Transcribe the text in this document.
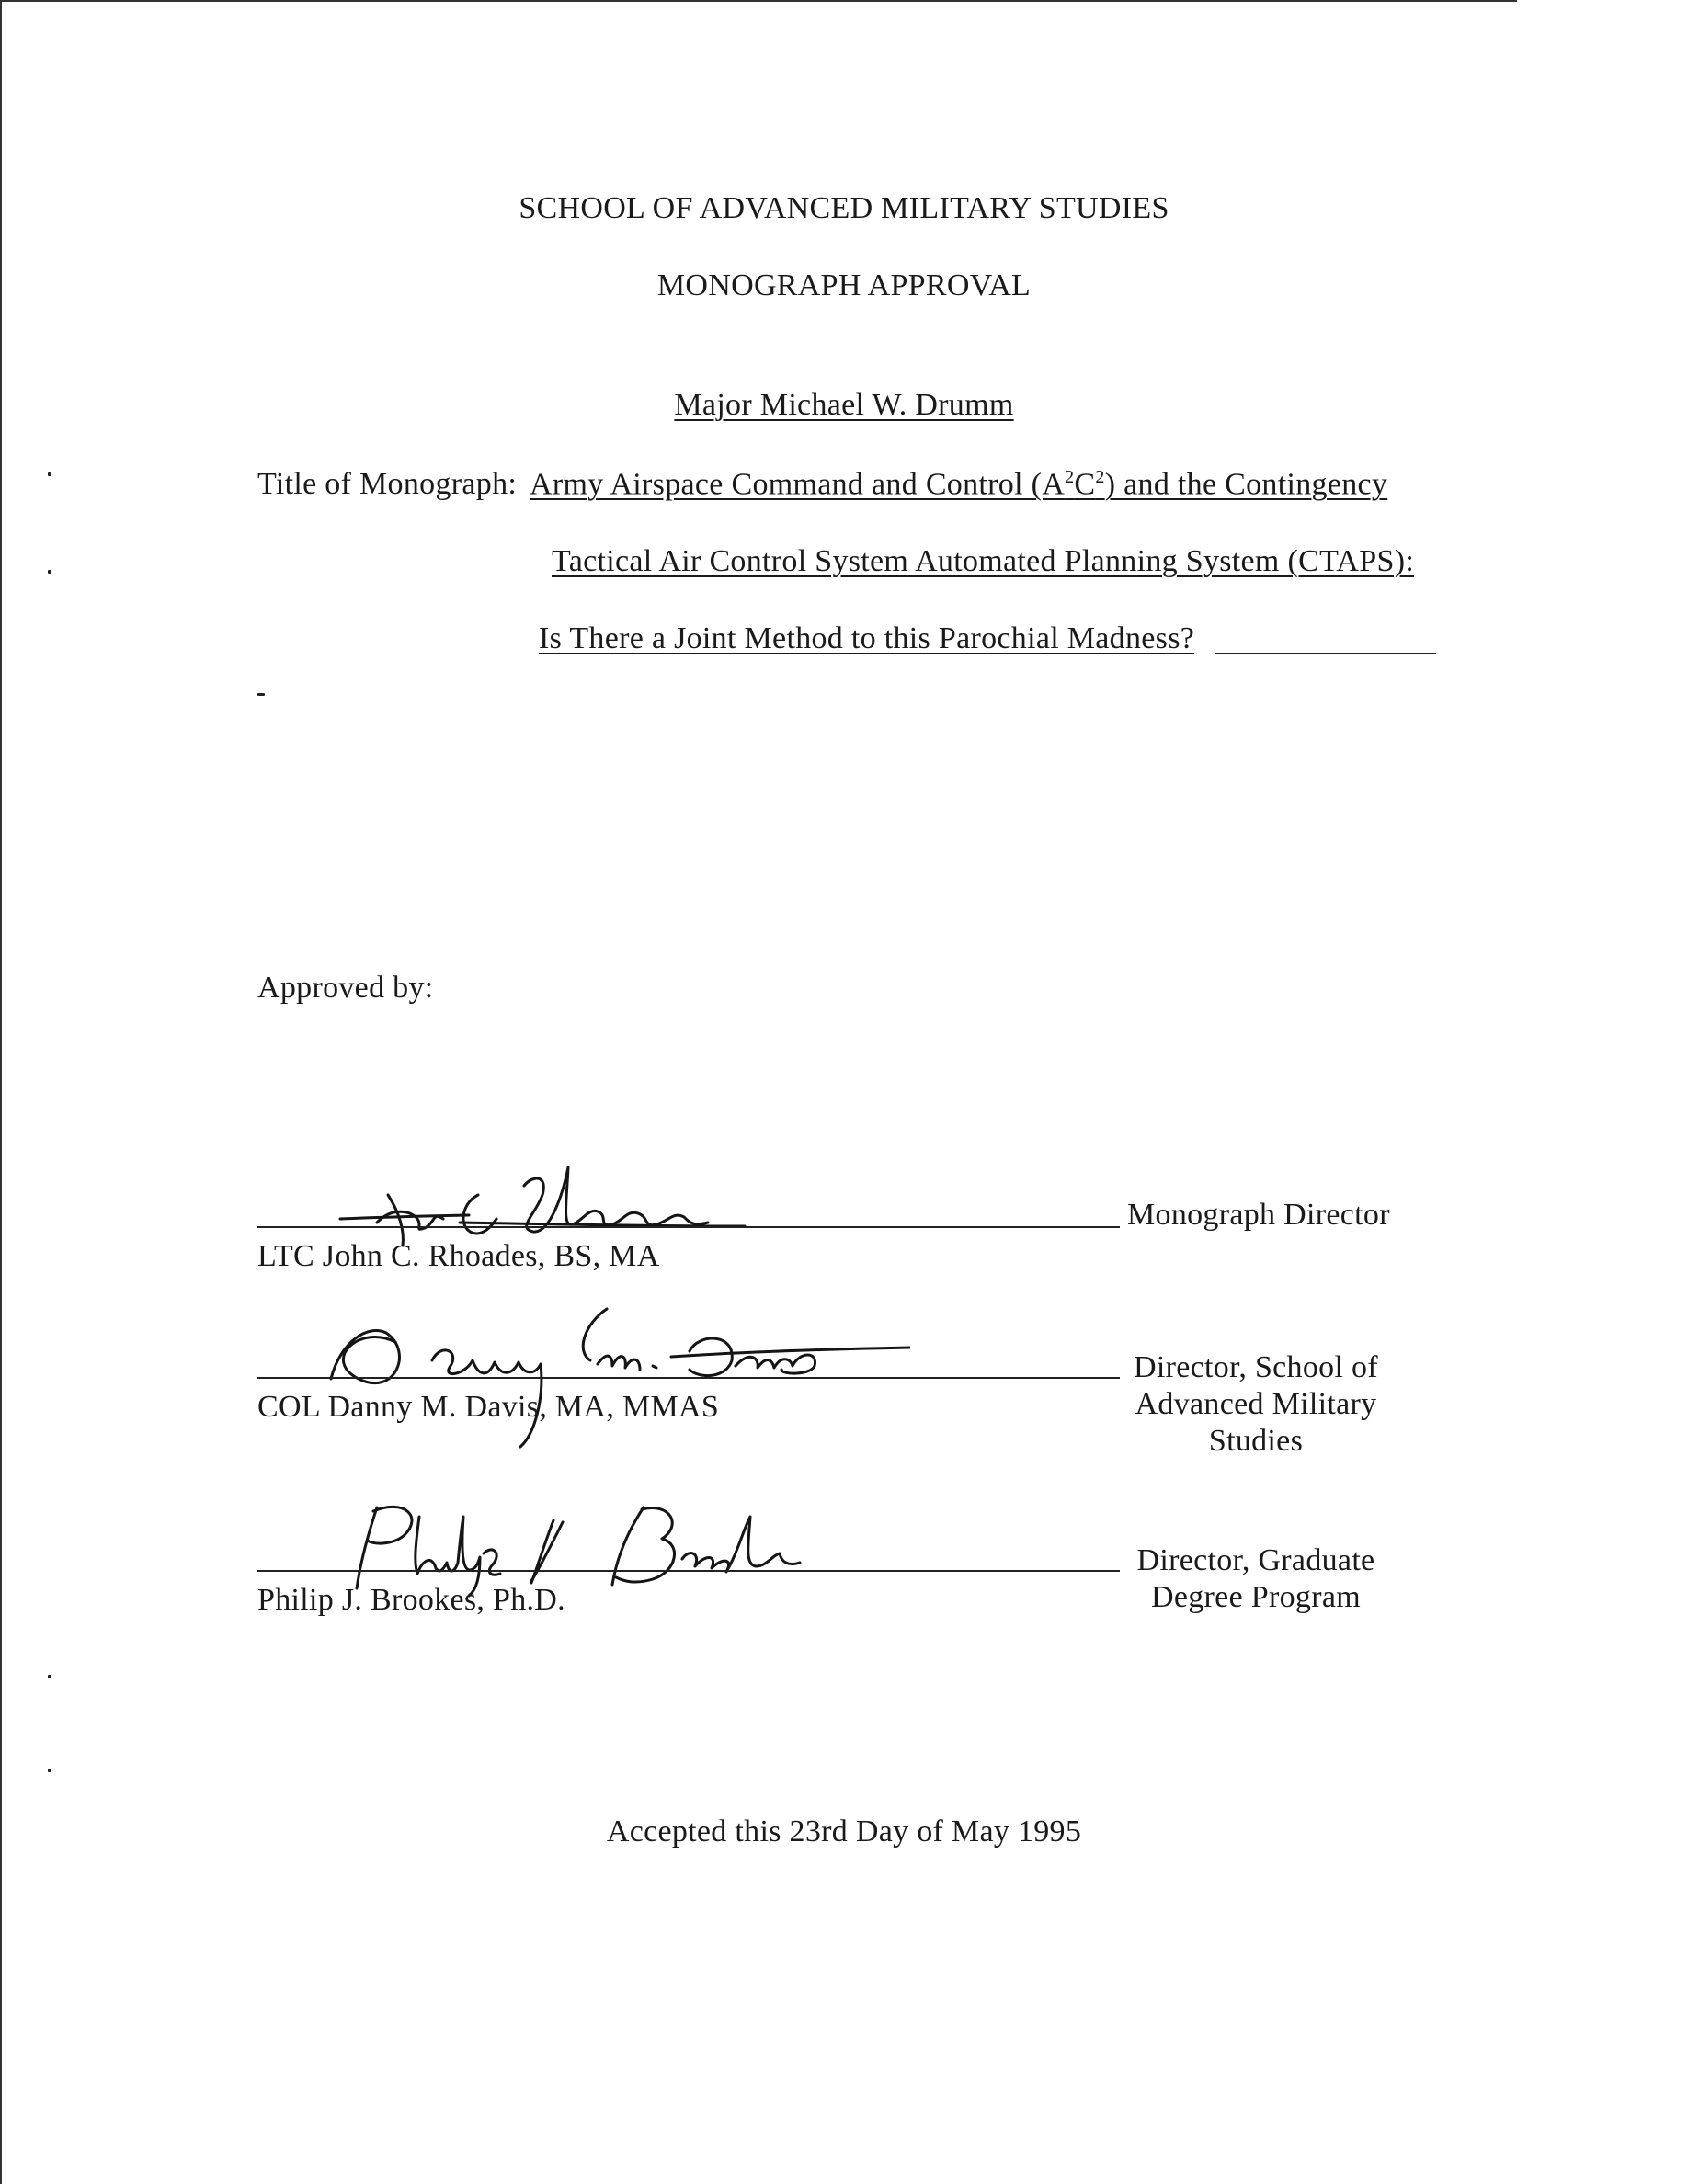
SCHOOL OF ADVANCED MILITARY STUDIES
MONOGRAPH APPROVAL
Major Michael W. Drumm
Title of Monograph: Army Airspace Command and Control $(A^2C^2)$ and the Contingency
Tactical Air Control System Automated Planning System (CTAPS):
Is There a Joint Method to this Parochial Madness?
Approved by:
LTC John C. Rhoades, BS, MA
Monograph Director
COL Danny M. Davis, MA, MMAS
Director, School of
Advanced Military
Studies
Philip J. Brookes, Ph.D.
Director, Graduate
Degree Program
Accepted this 23rd Day of May 1995
